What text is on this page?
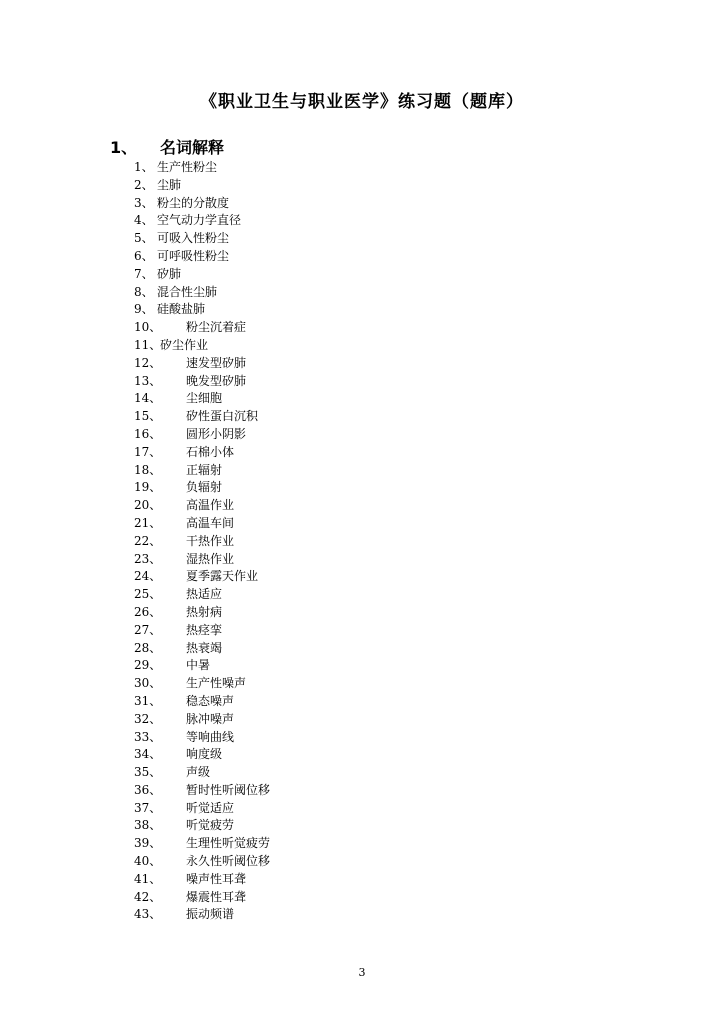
《职业卫生与职业医学》练习题（题库）
1、 名词解释
1、 生产性粉尘
2、 尘肺
3、 粉尘的分散度
4、 空气动力学直径
5、 可吸入性粉尘
6、 可呼吸性粉尘
7、 矽肺
8、 混合性尘肺
9、 硅酸盐肺
10、 粉尘沉着症
11、
矽尘作业
12、 速发型矽肺
13、 晚发型矽肺
14、 尘细胞
15、 矽性蛋白沉积
16、 圆形小阴影
17、 石棉小体
18、 正辐射
19、 负辐射
20、 高温作业
21、 高温车间
22、 干热作业
23、 湿热作业
24、 夏季露天作业
25、 热适应
26、 热射病
27、 热痉挛
28、 热衰竭
29、 中暑
30、 生产性噪声
31、 稳态噪声
32、 脉冲噪声
33、 等响曲线
34、 响度级
35、 声级
36、 暂时性听阈位移
37、 听觉适应
38、 听觉疲劳
39、 生理性听觉疲劳
40、 永久性听阈位移
41、 噪声性耳聋
42、 爆震性耳聋
43、 振动频谱
3
